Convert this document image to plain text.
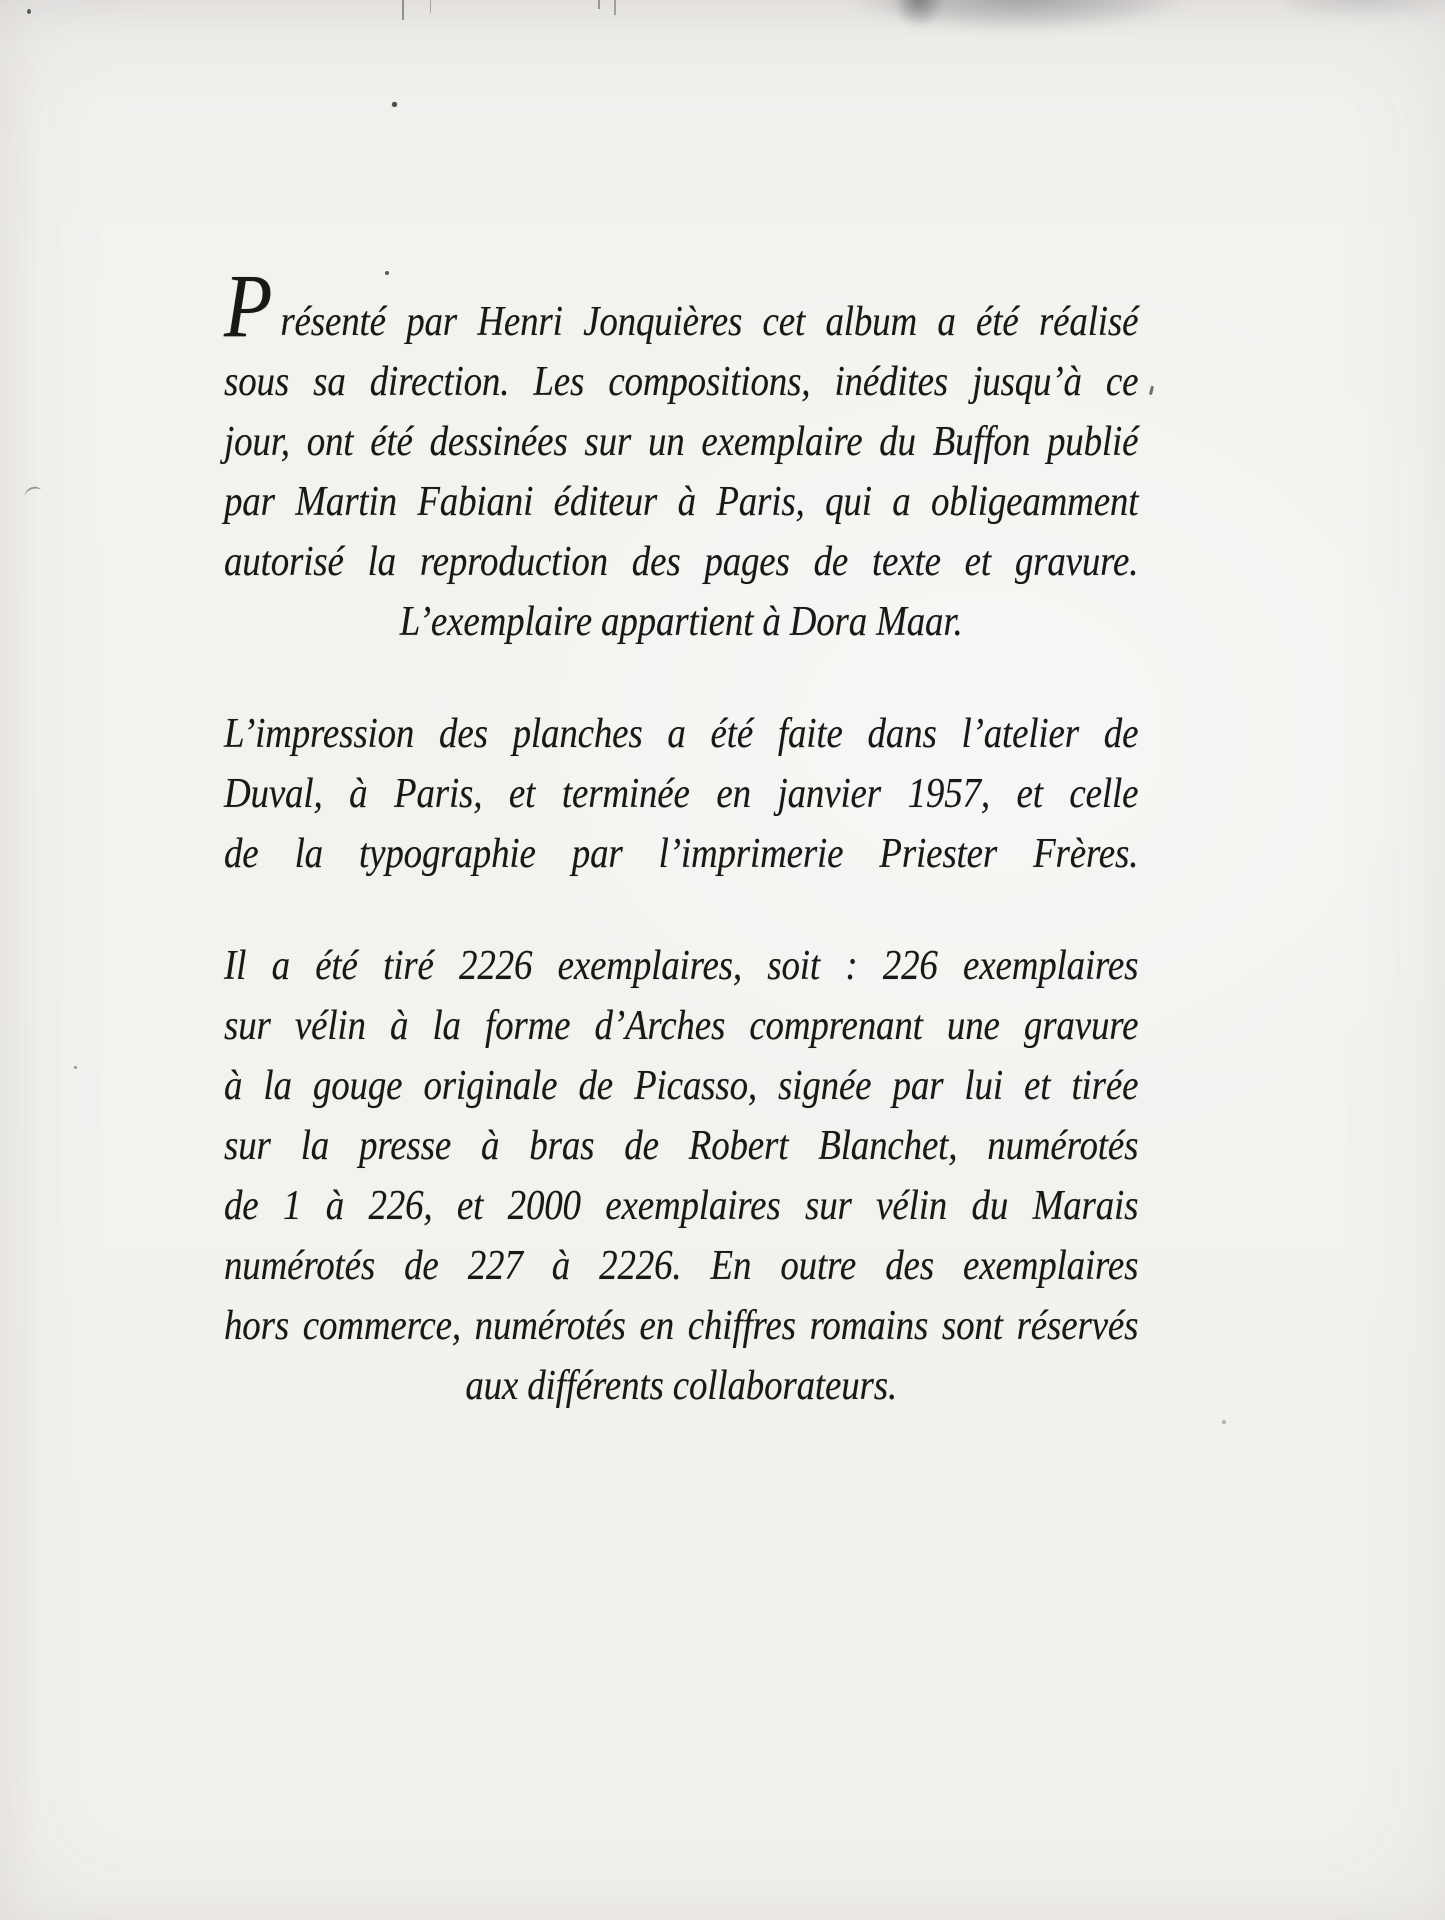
P résenté par Henri Jonquières cet album a été réalisé
sous sa direction. Les compositions, inédites jusqu’à ce
jour, ont été dessinées sur un exemplaire du Buffon publié
par Martin Fabiani éditeur à Paris, qui a obligeamment
autorisé la reproduction des pages de texte et gravure.
L’exemplaire appartient à Dora Maar.
L’impression des planches a été faite dans l’atelier de
Duval, à Paris, et terminée en janvier 1957, et celle
de la typographie par l’imprimerie Priester Frères.
Il a été tiré 2226 exemplaires, soit : 226 exemplaires
sur vélin à la forme d’Arches comprenant une gravure
à la gouge originale de Picasso, signée par lui et tirée
sur la presse à bras de Robert Blanchet, numérotés
de 1 à 226, et 2000 exemplaires sur vélin du Marais
numérotés de 227 à 2226. En outre des exemplaires
hors commerce, numérotés en chiffres romains sont réservés
aux différents collaborateurs.
